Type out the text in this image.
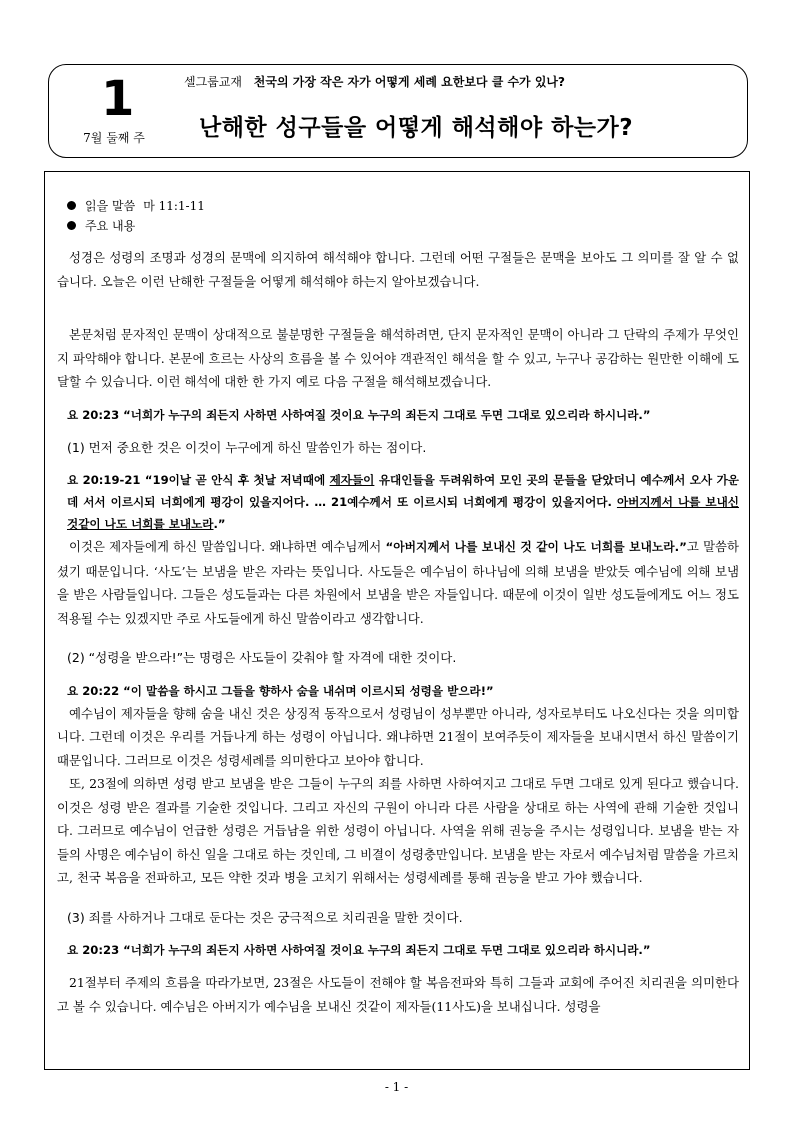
1
7월 둘째 주
셀그룹교재 천국의 가장 작은 자가 어떻게 세례 요한보다 클 수가 있나?
난해한 성구들을 어떻게 해석해야 하는가?
읽을 말씀 마 11:1-11
주요 내용

성경은 성령의 조명과 성경의 문맥에 의지하여 해석해야 합니다. 그런데 어떤 구절들은 문맥을 보아도 그 의미를 잘 알 수 없습니다. 오늘은 이런 난해한 구절들을 어떻게 해석해야 하는지 알아보겠습니다.

본문처럼 문자적인 문맥이 상대적으로 불분명한 구절들을 해석하려면, 단지 문자적인 문맥이 아니라 그 단락의 주제가 무엇인지 파악해야 합니다. 본문에 흐르는 사상의 흐름을 볼 수 있어야 객관적인 해석을 할 수 있고, 누구나 공감하는 원만한 이해에 도달할 수 있습니다. 이런 해석에 대한 한 가지 예로 다음 구절을 해석해보겠습니다.

요 20:23 “너희가 누구의 죄든지 사하면 사하여질 것이요 누구의 죄든지 그대로 두면 그대로 있으리라 하시니라.”

(1) 먼저 중요한 것은 이것이 누구에게 하신 말씀인가 하는 점이다.

요 20:19-21 “19이날 곧 안식 후 첫날 저녁때에 제자들이 유대인들을 두려워하여 모인 곳의 문들을 닫았더니 예수께서 오사 가운데 서서 이르시되 너희에게 평강이 있을지어다. … 21예수께서 또 이르시되 너희에게 평강이 있을지어다. 아버지께서 나를 보내신 것같이 나도 너희를 보내노라.”

이것은 제자들에게 하신 말씀입니다. 왜냐하면 예수님께서 “아버지께서 나를 보내신 것 같이 나도 너희를 보내노라.”고 말씀하셨기 때문입니다. ‘사도’는 보냄을 받은 자라는 뜻입니다. 사도들은 예수님이 하나님에 의해 보냄을 받았듯 예수님에 의해 보냄을 받은 사람들입니다. 그들은 성도들과는 다른 차원에서 보냄을 받은 자들입니다. 때문에 이것이 일반 성도들에게도 어느 정도 적용될 수는 있겠지만 주로 사도들에게 하신 말씀이라고 생각합니다.

(2) “성령을 받으라!”는 명령은 사도들이 갖춰야 할 자격에 대한 것이다.

요 20:22 “이 말씀을 하시고 그들을 향하사 숨을 내쉬며 이르시되 성령을 받으라!”

예수님이 제자들을 향해 숨을 내신 것은 상징적 동작으로서 성령님이 성부뿐만 아니라, 성자로부터도 나오신다는 것을 의미합니다. 그런데 이것은 우리를 거듭나게 하는 성령이 아닙니다. 왜냐하면 21절이 보여주듯이 제자들을 보내시면서 하신 말씀이기 때문입니다. 그러므로 이것은 성령세례를 의미한다고 보아야 합니다.

또, 23절에 의하면 성령 받고 보냄을 받은 그들이 누구의 죄를 사하면 사하여지고 그대로 두면 그대로 있게 된다고 했습니다. 이것은 성령 받은 결과를 기술한 것입니다. 그리고 자신의 구원이 아니라 다른 사람을 상대로 하는 사역에 관해 기술한 것입니다. 그러므로 예수님이 언급한 성령은 거듭남을 위한 성령이 아닙니다. 사역을 위해 권능을 주시는 성령입니다. 보냄을 받는 자들의 사명은 예수님이 하신 일을 그대로 하는 것인데, 그 비결이 성령충만입니다. 보냄을 받는 자로서 예수님처럼 말씀을 가르치고, 천국 복음을 전파하고, 모든 약한 것과 병을 고치기 위해서는 성령세례를 통해 권능을 받고 가야 했습니다.

(3) 죄를 사하거나 그대로 둔다는 것은 궁극적으로 치리권을 말한 것이다.

요 20:23 “너희가 누구의 죄든지 사하면 사하여질 것이요 누구의 죄든지 그대로 두면 그대로 있으리라 하시니라.”

21절부터 주제의 흐름을 따라가보면, 23절은 사도들이 전해야 할 복음전파와 특히 그들과 교회에 주어진 치리권을 의미한다고 볼 수 있습니다. 예수님은 아버지가 예수님을 보내신 것같이 제자들(11사도)을 보내십니다. 성령을

- 1 -
